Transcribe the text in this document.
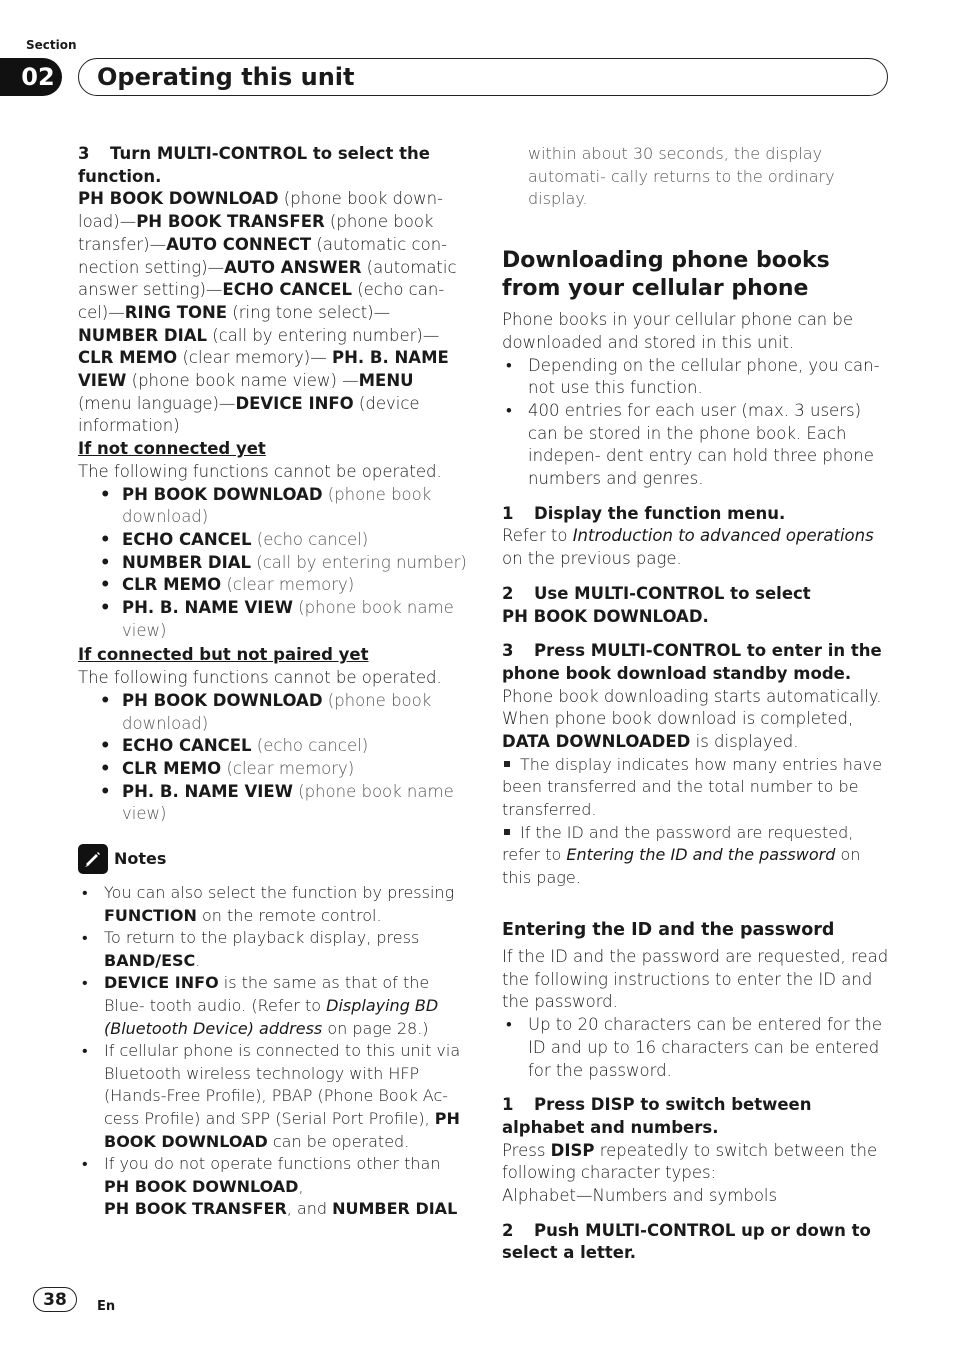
Section
02	Operating this unit

3 Turn MULTI-CONTROL to select the function.

PH BOOK DOWNLOAD (phone book down- load)—PH BOOK TRANSFER (phone book transfer)—AUTO CONNECT (automatic con- nection setting)—AUTO ANSWER (automatic answer setting)—ECHO CANCEL (echo can- cel)—RING TONE (ring tone select)— NUMBER DIAL (call by entering number)— CLR MEMO (clear memory)— PH. B. NAME VIEW (phone book name view) —MENU (menu language)—DEVICE INFO (device information)

If not connected yet

The following functions cannot be operated.

• PH BOOK DOWNLOAD (phone book download)
• ECHO CANCEL (echo cancel)
• NUMBER DIAL (call by entering number)
• CLR MEMO (clear memory)
• PH. B. NAME VIEW (phone book name view)

If connected but not paired yet

The following functions cannot be operated.

• PH BOOK DOWNLOAD (phone book download)
• ECHO CANCEL (echo cancel)
• CLR MEMO (clear memory)
• PH. B. NAME VIEW (phone book name view)
Notes
• You can also select the function by pressing FUNCTION on the remote control.
• To return to the playback display, press BAND/ESC.
• DEVICE INFO is the same as that of the Blue- tooth audio. (Refer to Displaying BD (Bluetooth Device) address on page 28.)
• If cellular phone is connected to this unit via Bluetooth wireless technology with HFP (Hands-Free Profile), PBAP (Phone Book Ac- cess Profile) and SPP (Serial Port Profile), PH BOOK DOWNLOAD can be operated.
• If you do not operate functions other than PH BOOK DOWNLOAD,
PH BOOK TRANSFER, and NUMBER DIAL

within about 30 seconds, the display automati- cally returns to the ordinary display.

Downloading phone books from your cellular phone

Phone books in your cellular phone can be downloaded and stored in this unit.

• Depending on the cellular phone, you can- not use this function.
• 400 entries for each user (max. 3 users) can be stored in the phone book. Each indepen- dent entry can hold three phone numbers and genres.

1 Display the function menu.

Refer to Introduction to advanced operations on the previous page.

2 Use MULTI-CONTROL to select
PH BOOK DOWNLOAD.

3 Press MULTI-CONTROL to enter in the phone book download standby mode.

Phone book downloading starts automatically. When phone book download is completed, DATA DOWNLOADED is displayed.

The display indicates how many entries have been transferred and the total number to be transferred.

If the ID and the password are requested, refer to Entering the ID and the password on this page.

Entering the ID and the password

If the ID and the password are requested, read the following instructions to enter the ID and the password.

• Up to 20 characters can be entered for the ID and up to 16 characters can be entered for the password.

1 Press DISP to switch between alphabet and numbers.

Press DISP repeatedly to switch between the following character types:
Alphabet—Numbers and symbols

2 Push MULTI-CONTROL up or down to select a letter.

38	En
